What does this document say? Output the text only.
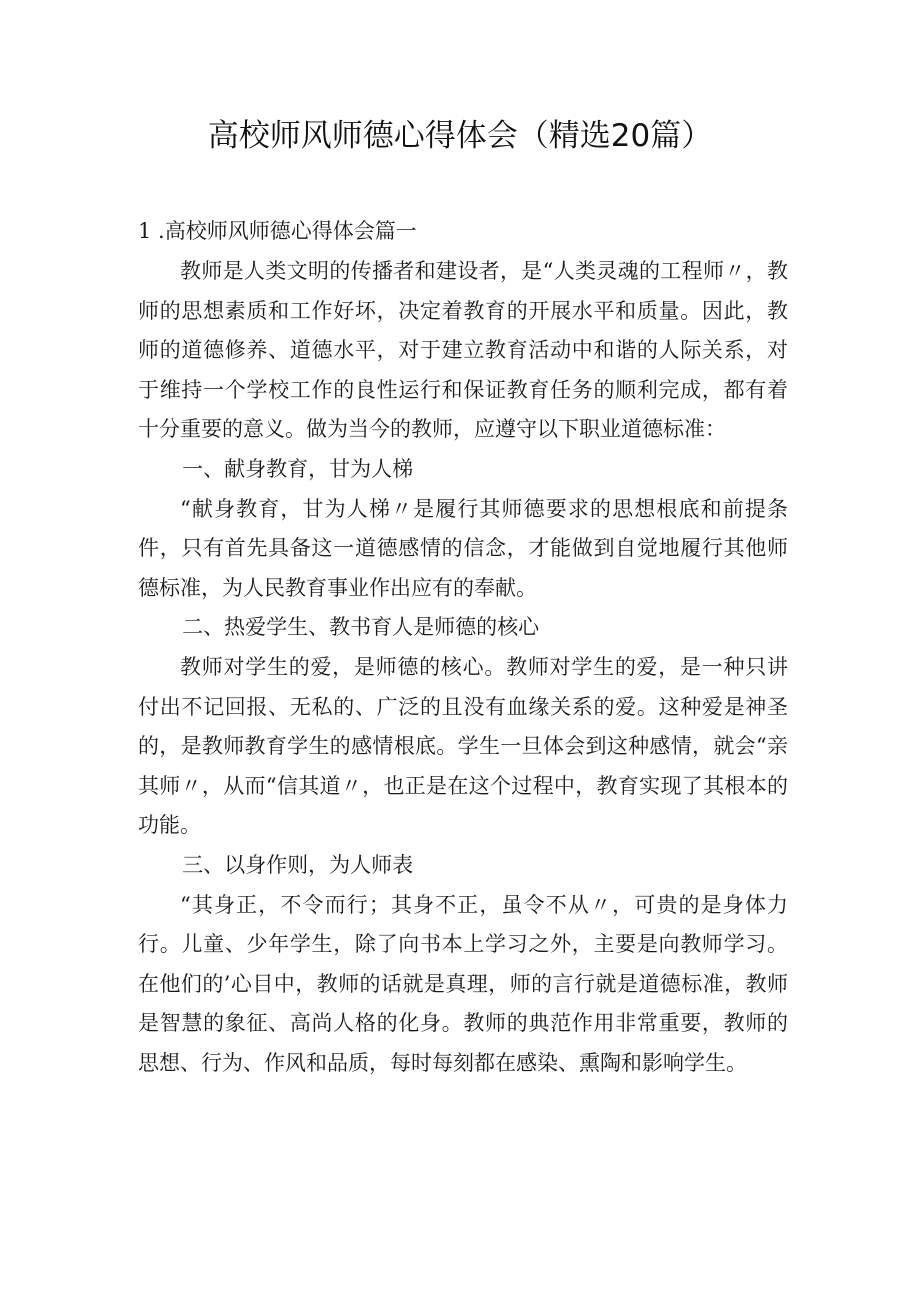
高校师风师德心得体会（精选20篇）
1 .高校师风师德心得体会篇一

教师是人类文明的传播者和建设者，是“人类灵魂的工程师〃，教师的思想素质和工作好坏，决定着教育的开展水平和质量。因此，教师的道德修养、道德水平，对于建立教育活动中和谐的人际关系，对于维持一个学校工作的良性运行和保证教育任务的顺利完成，都有着十分重要的意义。做为当今的教师，应遵守以下职业道德标准：

一、献身教育，甘为人梯

“献身教育，甘为人梯〃是履行其师德要求的思想根底和前提条件，只有首先具备这一道德感情的信念，才能做到自觉地履行其他师德标准，为人民教育事业作出应有的奉献。

二、热爱学生、教书育人是师德的核心

教师对学生的爱，是师德的核心。教师对学生的爱，是一种只讲付出不记回报、无私的、广泛的且没有血缘关系的爱。这种爱是神圣的，是教师教育学生的感情根底。学生一旦体会到这种感情，就会“亲其师〃，从而“信其道〃，也正是在这个过程中，教育实现了其根本的功能。

三、以身作则，为人师表

“其身正，不令而行；其身不正，虽令不从〃，可贵的是身体力行。儿童、少年学生，除了向书本上学习之外，主要是向教师学习。在他们的’心目中，教师的话就是真理，师的言行就是道德标准，教师是智慧的象征、高尚人格的化身。教师的典范作用非常重要，教师的思想、行为、作风和品质，每时每刻都在感染、熏陶和影响学生。
